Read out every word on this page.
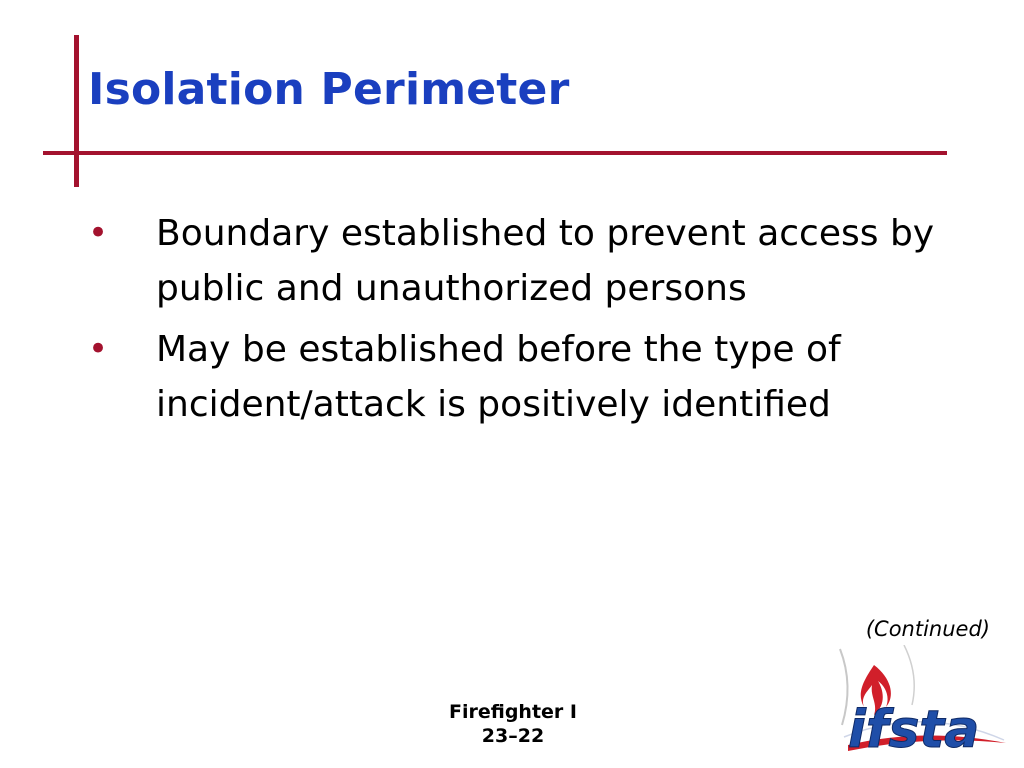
Isolation Perimeter
• Boundary established to prevent access by public and unauthorized persons
• May be established before the type of incident/attack is positively identified
(Continued)
Firefighter I
23–22	ifsta
